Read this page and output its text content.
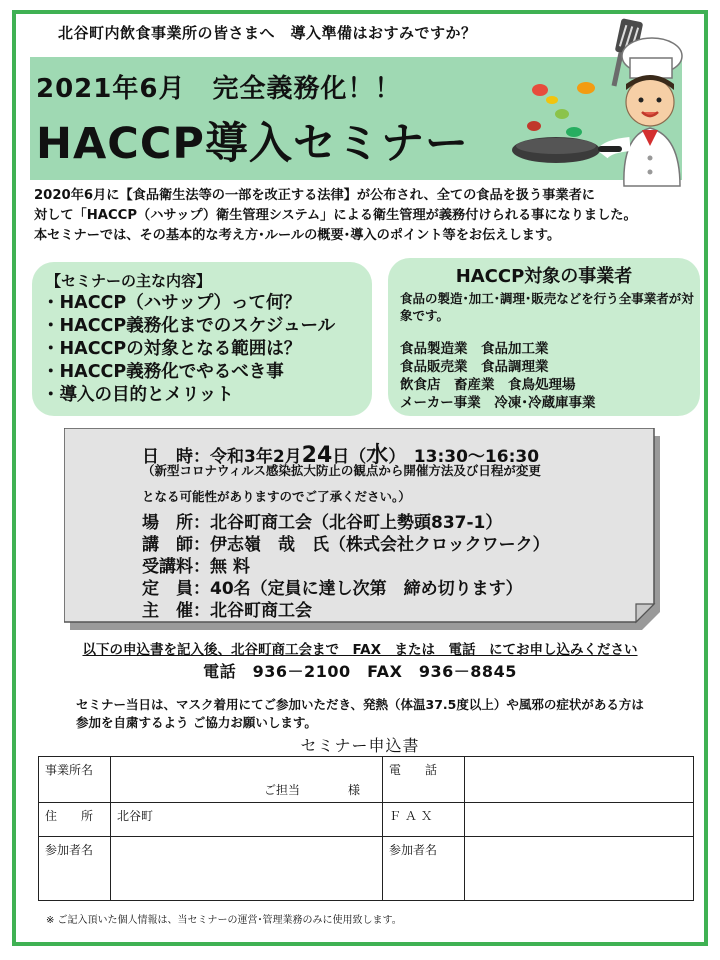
北谷町内飲食事業所の皆さまへ　導入準備はおすみですか？
2021年6月　完全義務化！！
HACCP導入セミナー

2020年6月に【食品衛生法等の一部を改正する法律】が公布され、全ての食品を扱う事業者に

対して「HACCP（ハサップ）衛生管理システム」による衛生管理が義務付けられる事になりました。

本セミナーでは、その基本的な考え方･ルールの概要･導入のポイント等をお伝えします。

【セミナーの主な内容】
・HACCP（ハサップ）って何？
・HACCP義務化までのスケジュール
・HACCPの対象となる範囲は？
・HACCP義務化でやるべき事
・導入の目的とメリット
HACCP対象の事業者
食品の製造･加工･調理･販売などを行う全事業者が対象です。
食品製造業　食品加工業
食品販売業　食品調理業
飲食店　畜産業　食鳥処理場
メーカー事業　冷凍･冷蔵庫事業
日　時：令和3年2月24日（水）　13:30〜16:30
（新型コロナウィルス感染拡大防止の観点から開催方法及び日程が変更
となる可能性がありますのでご了承ください。）
場　所：北谷町商工会（北谷町上勢頭837-1）
講　師：伊志嶺　哉　氏（株式会社クロックワーク）
受講料：無 料
定　員：40名（定員に達し次第　締め切ります）
主　催：北谷町商工会
以下の申込書を記入後、北谷町商工会まで　FAX　または　電話　にてお申し込みください
電話　936－2100　FAX　936－8845

セミナー当日は、マスク着用にてご参加いただき、発熱（体温37.5度以上）や風邪の症状がある方は

参加を自粛するよう ご協力お願いします。

セミナー申込書
事業所名	ご担当　　　　様	電　　話	
住　　所	北谷町	Ｆ Ａ Ｘ	
参加者名		参加者名	
※ ご記入頂いた個人情報は、当セミナーの運営･管理業務のみに使用致します。
